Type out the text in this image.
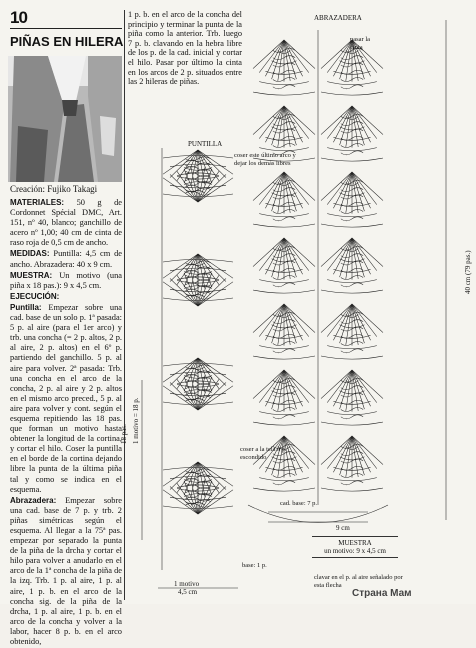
10
PIÑAS EN HILERA
Creación: Fujiko Takagi

MATERIALES: 50 g de Cordonnet Spécial DMC, Art. 151, nº 40, blanco; ganchillo de acero nº 1,00; 40 cm de cinta de raso roja de 0,5 cm de ancho.

MEDIDAS: Puntilla: 4,5 cm de ancho. Abrazadera: 40 x 9 cm.

MUESTRA: Un motivo (una piña x 18 pas.): 9 x 4,5 cm.

EJECUCIÓN:

Puntilla: Empezar sobre una cad. base de un solo p. 1ª pasada: 5 p. al aire (para el 1er arco) y trb. una concha (= 2 p. altos, 2 p. al aire, 2 p. altos) en el 6º p. partiendo del ganchillo. 5 p. al aire para volver. 2ª pasada: Trb. una concha en el arco de la concha, 2 p. al aire y 2 p. altos en el mismo arco preced., 5 p. al aire para volver y cont. según el esquema repitiendo las 18 pas. que forman un motivo hasta obtener la longitud de la cortina, y cortar el hilo. Coser la puntilla en el borde de la cortina dejando libre la punta de la última piña tal y como se indica en el esquema.

Abrazadera: Empezar sobre una cad. base de 7 p. y trb. 2 piñas simétricas según el esquema. Al llegar a la 75ª pas. empezar por separado la punta de la piña de la drcha y cortar el hilo para volver a anudarlo en el arco de la 1ª concha de la piña de la izq. Trb. 1 p. al aire, 1 p. al aire, 1 p. b. en el arco de la concha sig. de la piña de la drcha, 1 p. al aire, 1 p. b. en el arco de la concha y volver a la labor, hacer 8 p. b. en el arco obtenido,

1 p. b. en el arco de la concha del principio y terminar la punta de la piña como la anterior. Trb. luego 7 p. b. clavando en la hebra libre de los p. de la cad. inicial y cortar el hilo. Pasar por último la cinta en los arcos de 2 p. situados entre las 2 hileras de piñas.
ABRAZADERA
pasar la cinta
PUNTILLA
coser este último arco y dejar los demás libres
coser a la tela a p. escondido
1 motivo = 18 p.
18 pas.
40 cm (79 pas.)
cad. base: 7 p.
9 cm
1 motivo
4,5 cm
base: 1 p.
clavar en el p. al aire señalado por esta flecha
MUESTRA
un motivo: 9 x 4,5 cm
Страна Мам
